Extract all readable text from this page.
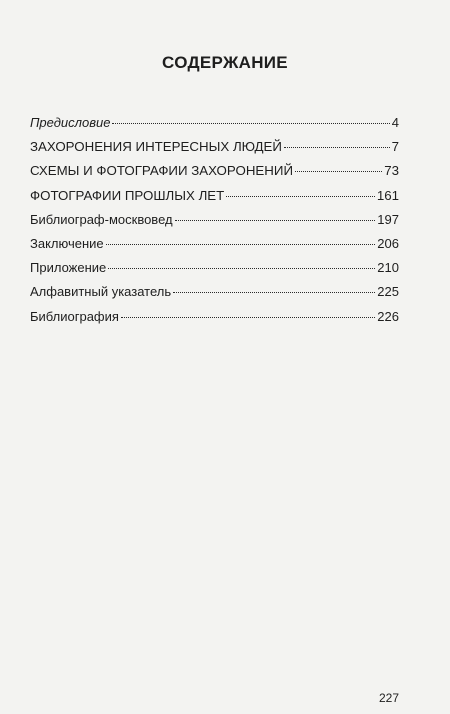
СОДЕРЖАНИЕ
Предисловие	4
ЗАХОРОНЕНИЯ ИНТЕРЕСНЫХ ЛЮДЕЙ	7
СХЕМЫ И ФОТОГРАФИИ ЗАХОРОНЕНИЙ	73
ФОТОГРАФИИ ПРОШЛЫХ ЛЕТ	161
Библиограф-москвовед	197
Заключение	206
Приложение	210
Алфавитный указатель	225
Библиография	226
227
